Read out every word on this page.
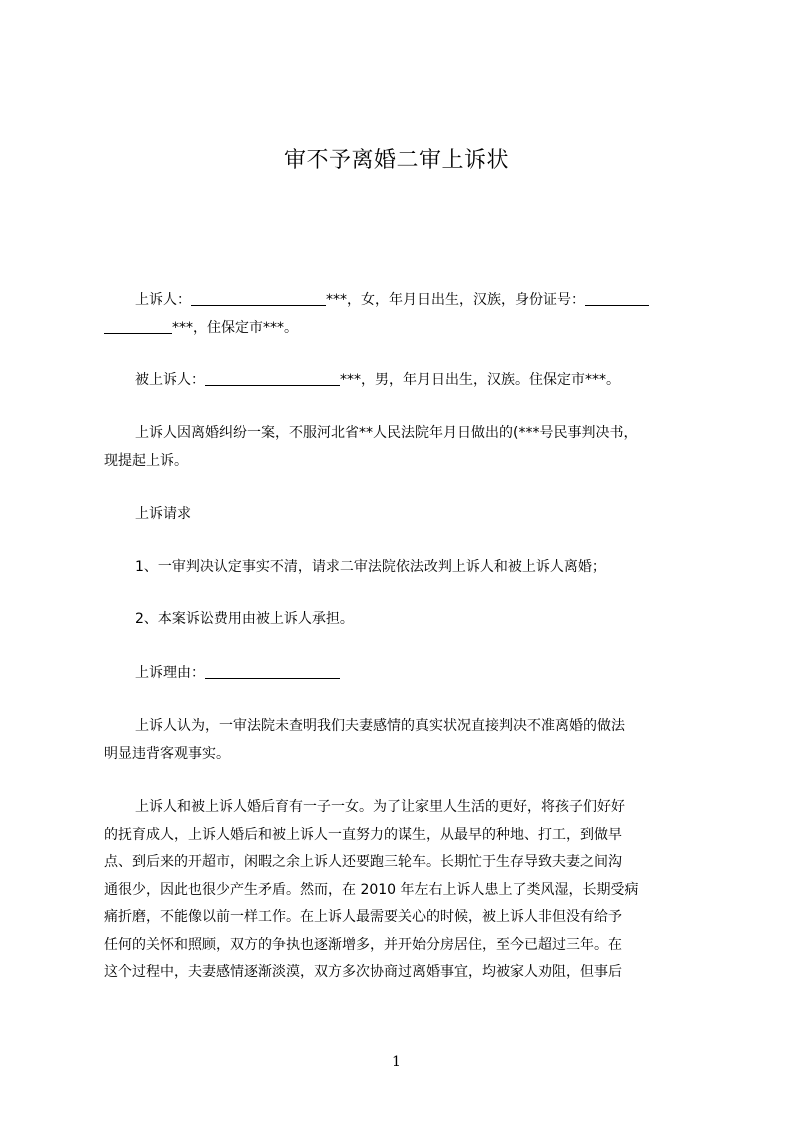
审不予离婚二审上诉状
上诉人：	***，女，年月日出生，汉族，身份证号：
***，住保定市***。
被上诉人：	***，男，年月日出生，汉族。住保定市***。
上诉人因离婚纠纷一案，不服河北省**人民法院年月日做出的(***号民事判决书，
现提起上诉。
上诉请求
1、一审判决认定事实不清，请求二审法院依法改判上诉人和被上诉人离婚；
2、本案诉讼费用由被上诉人承担。
上诉理由：
上诉人认为，一审法院未查明我们夫妻感情的真实状况直接判决不准离婚的做法
明显违背客观事实。
上诉人和被上诉人婚后育有一子一女。为了让家里人生活的更好，将孩子们好好
的抚育成人，上诉人婚后和被上诉人一直努力的谋生，从最早的种地、打工，到做早
点、到后来的开超市，闲暇之余上诉人还要跑三轮车。长期忙于生存导致夫妻之间沟
通很少，因此也很少产生矛盾。然而，在 2010 年左右上诉人患上了类风湿，长期受病
痛折磨，不能像以前一样工作。在上诉人最需要关心的时候，被上诉人非但没有给予
任何的关怀和照顾，双方的争执也逐渐增多，并开始分房居住，至今已超过三年。在
这个过程中，夫妻感情逐渐淡漠，双方多次协商过离婚事宜，均被家人劝阻，但事后
1
